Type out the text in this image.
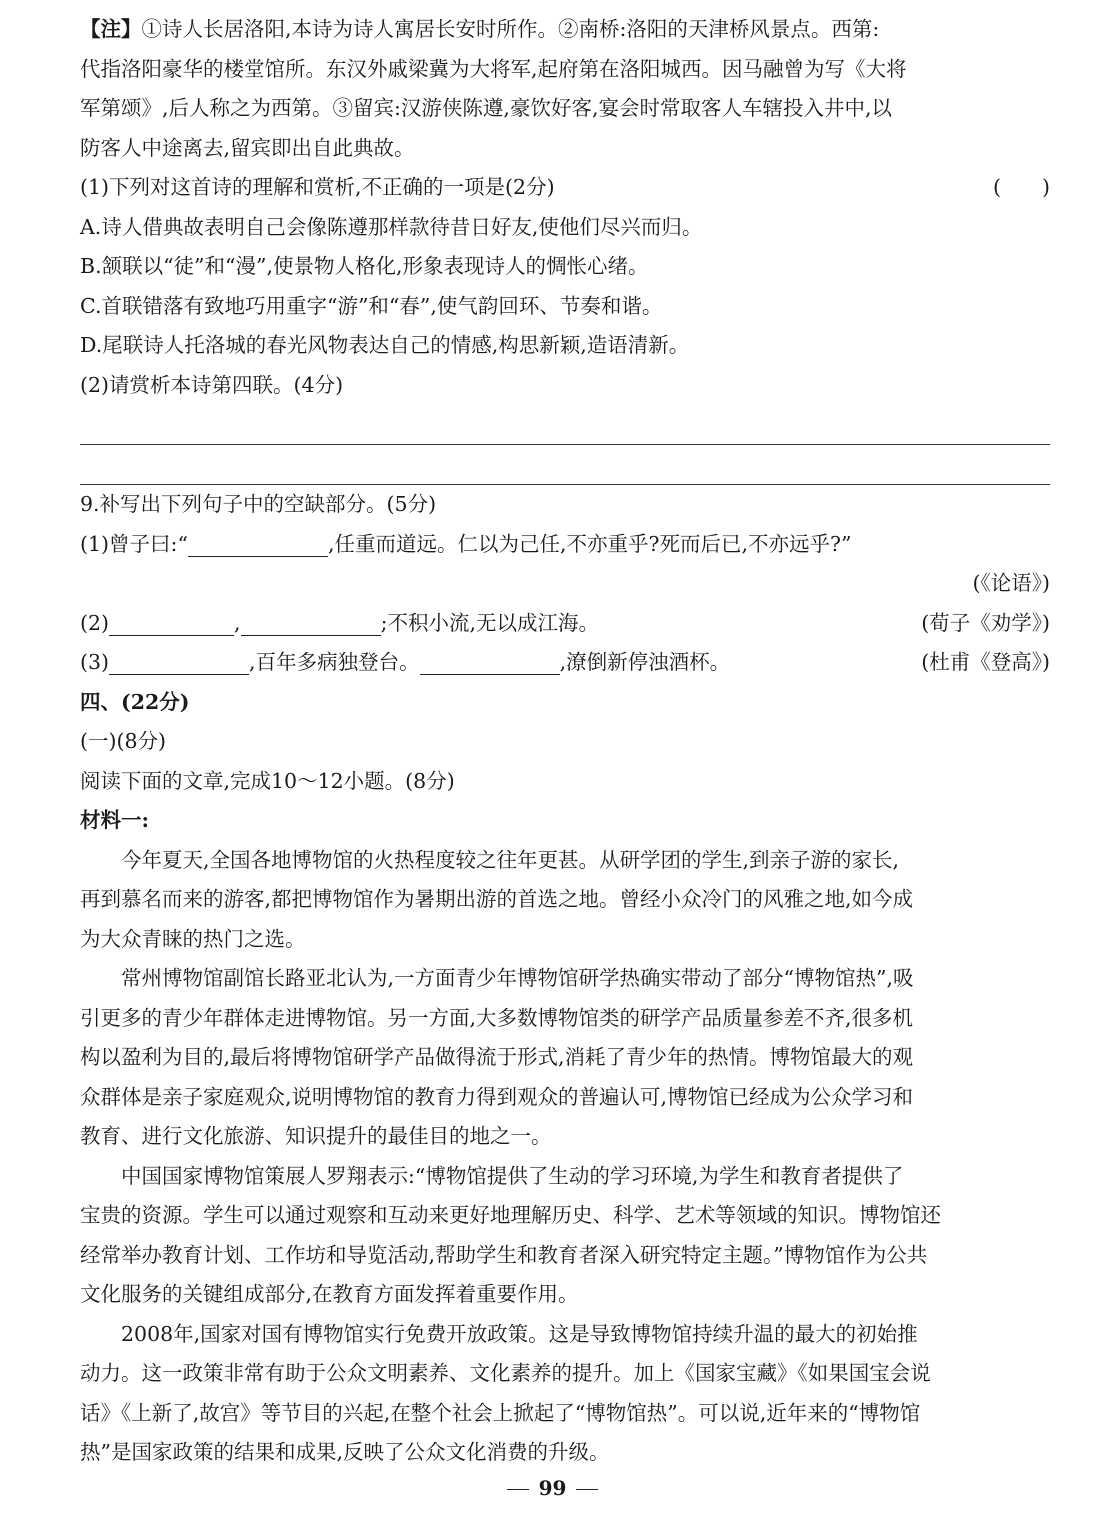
【注】①诗人长居洛阳,本诗为诗人寓居长安时所作。②南桥:洛阳的天津桥风景点。西第:
代指洛阳豪华的楼堂馆所。东汉外戚梁冀为大将军,起府第在洛阳城西。因马融曾为写《大将
军第颂》,后人称之为西第。③留宾:汉游侠陈遵,豪饮好客,宴会时常取客人车辖投入井中,以
防客人中途离去,留宾即出自此典故。
(1)下列对这首诗的理解和赏析,不正确的一项是(2分)	(　　)
A.诗人借典故表明自己会像陈遵那样款待昔日好友,使他们尽兴而归。
B.颔联以“徒”和“漫”,使景物人格化,形象表现诗人的惆怅心绪。
C.首联错落有致地巧用重字“游”和“春”,使气韵回环、节奏和谐。
D.尾联诗人托洛城的春光风物表达自己的情感,构思新颖,造语清新。
(2)请赏析本诗第四联。(4分)
9.补写出下列句子中的空缺部分。(5分)
(1)曾子曰:“	,任重而道远。仁以为己任,不亦重乎?死而后已,不亦远乎?”
(《论语》)
(2)	,	;不积小流,无以成江海。	(荀子《劝学》)
(3)	,百年多病独登台。	,潦倒新停浊酒杯。	(杜甫《登高》)
四、(22分)
(一)(8分)
阅读下面的文章,完成10～12小题。(8分)
材料一:
今年夏天,全国各地博物馆的火热程度较之往年更甚。从研学团的学生,到亲子游的家长,
再到慕名而来的游客,都把博物馆作为暑期出游的首选之地。曾经小众冷门的风雅之地,如今成
为大众青睐的热门之选。
常州博物馆副馆长路亚北认为,一方面青少年博物馆研学热确实带动了部分“博物馆热”,吸
引更多的青少年群体走进博物馆。另一方面,大多数博物馆类的研学产品质量参差不齐,很多机
构以盈利为目的,最后将博物馆研学产品做得流于形式,消耗了青少年的热情。博物馆最大的观
众群体是亲子家庭观众,说明博物馆的教育力得到观众的普遍认可,博物馆已经成为公众学习和
教育、进行文化旅游、知识提升的最佳目的地之一。
中国国家博物馆策展人罗翔表示:“博物馆提供了生动的学习环境,为学生和教育者提供了
宝贵的资源。学生可以通过观察和互动来更好地理解历史、科学、艺术等领域的知识。博物馆还
经常举办教育计划、工作坊和导览活动,帮助学生和教育者深入研究特定主题。”博物馆作为公共
文化服务的关键组成部分,在教育方面发挥着重要作用。
2008年,国家对国有博物馆实行免费开放政策。这是导致博物馆持续升温的最大的初始推
动力。这一政策非常有助于公众文明素养、文化素养的提升。加上《国家宝藏》《如果国宝会说
话》《上新了,故宫》等节目的兴起,在整个社会上掀起了“博物馆热”。可以说,近年来的“博物馆
热”是国家政策的结果和成果,反映了公众文化消费的升级。
99
